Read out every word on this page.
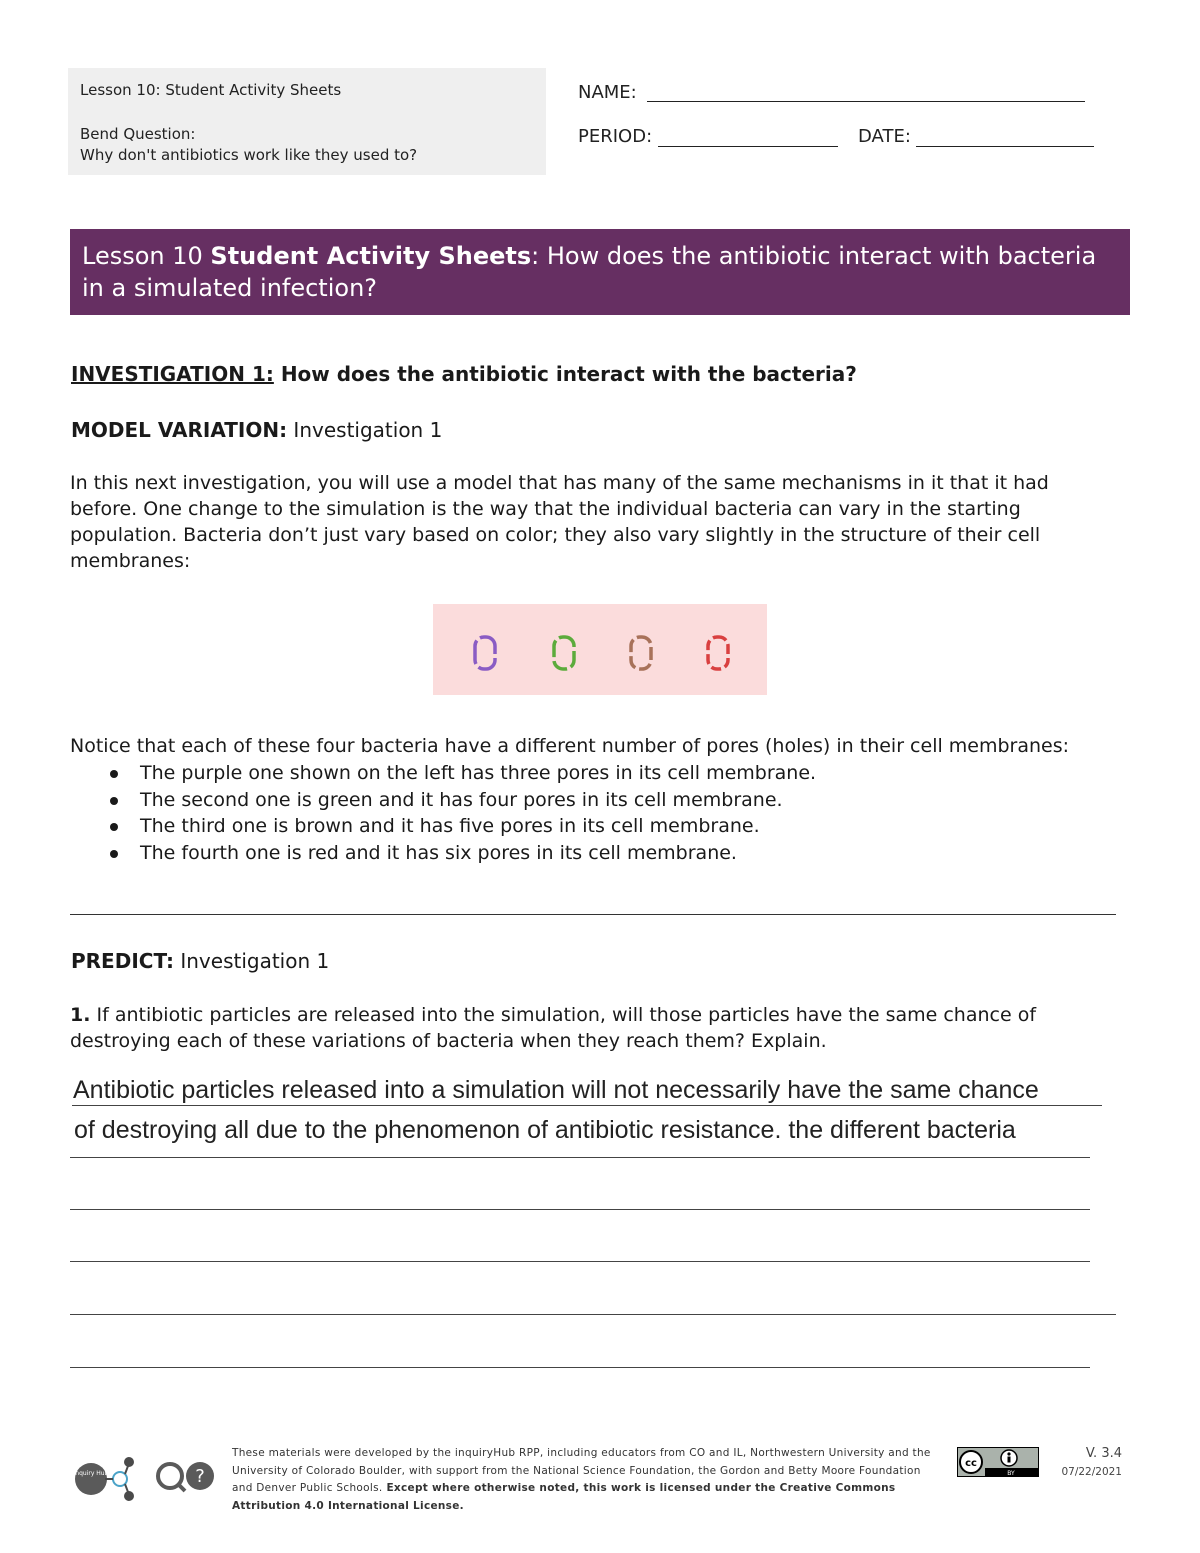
Lesson 10: Student Activity Sheets
Bend Question:
Why don't antibiotics work like they used to?
NAME:
PERIOD:	DATE:
Lesson 10 Student Activity Sheets: How does the antibiotic interact with bacteria in a simulated infection?
INVESTIGATION 1: How does the antibiotic interact with the bacteria?
MODEL VARIATION: Investigation 1
In this next investigation, you will use a model that has many of the same mechanisms in it that it had before. One change to the simulation is the way that the individual bacteria can vary in the starting population. Bacteria don’t just vary based on color; they also vary slightly in the structure of their cell membranes:
Notice that each of these four bacteria have a different number of pores (holes) in their cell membranes:
The purple one shown on the left has three pores in its cell membrane.
The second one is green and it has four pores in its cell membrane.
The third one is brown and it has five pores in its cell membrane.
The fourth one is red and it has six pores in its cell membrane.
PREDICT: Investigation 1
1. If antibiotic particles are released into the simulation, will those particles have the same chance of destroying each of these variations of bacteria when they reach them? Explain.
Antibiotic particles released into a simulation will not necessarily have the same chance
of destroying all due to the phenomenon of antibiotic resistance. the different bacteria
inquiry Hub	?
These materials were developed by the inquiryHub RPP, including educators from CO and IL, Northwestern University and the University of Colorado Boulder, with support from the National Science Foundation, the Gordon and Betty Moore Foundation and Denver Public Schools. Except where otherwise noted, this work is licensed under the Creative Commons Attribution 4.0 International License.
cc
BY
V. 3.4
07/22/2021
